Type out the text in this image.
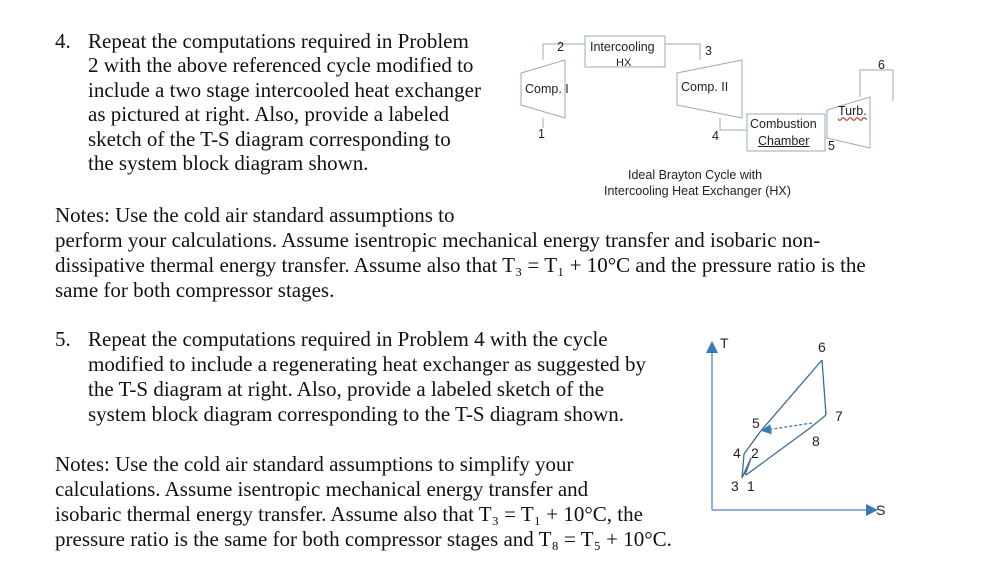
4. Repeat the computations required in Problem
2 with the above referenced cycle modified to
include a two stage intercooled heat exchanger
as pictured at right. Also, provide a labeled
sketch of the T-S diagram corresponding to
the system block diagram shown.
Notes: Use the cold air standard assumptions to
perform your calculations. Assume isentropic mechanical energy transfer and isobaric non-
dissipative thermal energy transfer. Assume also that T₃ = T₁ + 10°C and the pressure ratio is the
same for both compressor stages.
Comp. I	Comp. II
Intercooling
HX
Combustion
Chamber
Turb.
1
2	3
4
5
6
Ideal Brayton Cycle with
Intercooling Heat Exchanger (HX)
5. Repeat the computations required in Problem 4 with the cycle
modified to include a regenerating heat exchanger as suggested by
the T-S diagram at right. Also, provide a labeled sketch of the
system block diagram corresponding to the T-S diagram shown.
Notes: Use the cold air standard assumptions to simplify your
calculations. Assume isentropic mechanical energy transfer and
isobaric thermal energy transfer. Assume also that T₃ = T₁ + 10°C, the
pressure ratio is the same for both compressor stages and T₈ = T₅ + 10°C.
T
S
1
2
3
4
5
6
7
8
